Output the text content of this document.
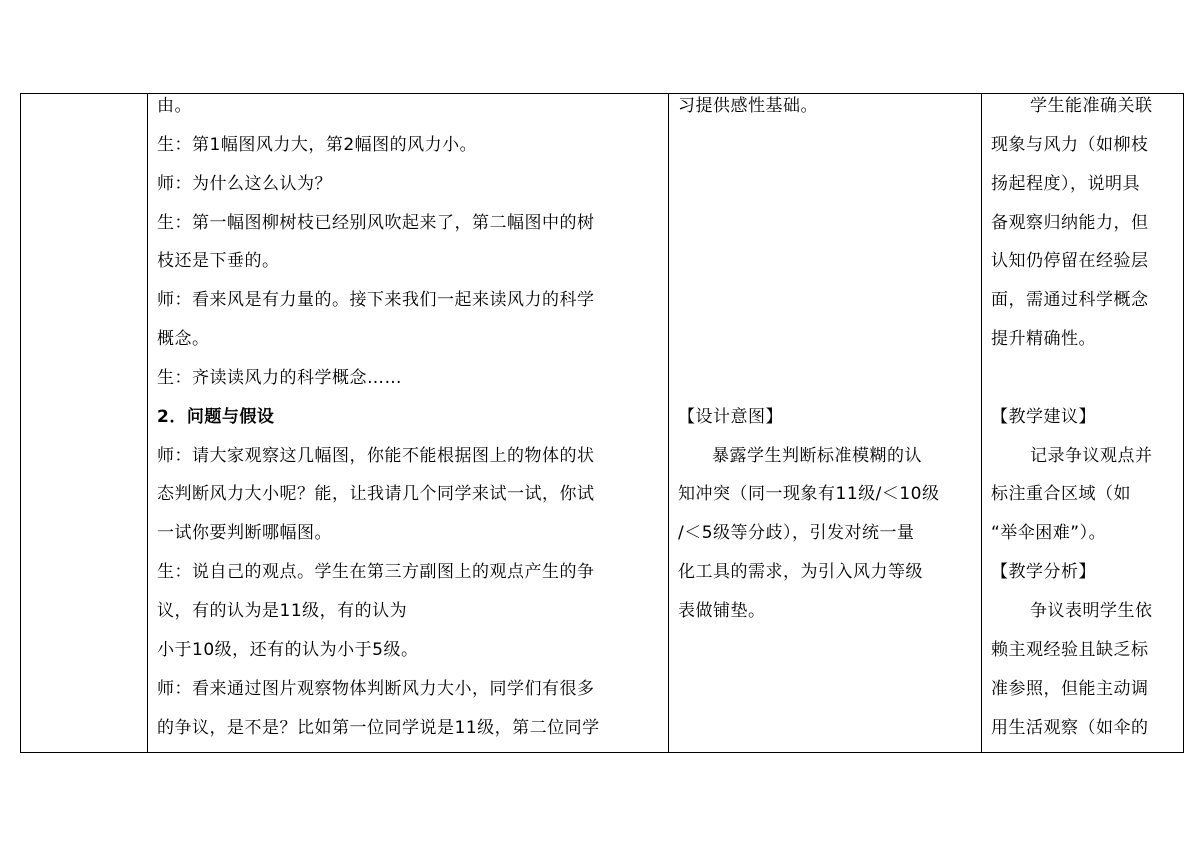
由。
生：第1幅图风力大，第2幅图的风力小。
师：为什么这么认为？
生：第一幅图柳树枝已经别风吹起来了，第二幅图中的树
枝还是下垂的。
师：看来风是有力量的。接下来我们一起来读风力的科学
概念。
生：齐读读风力的科学概念……
2．问题与假设
师：请大家观察这几幅图，你能不能根据图上的物体的状
态判断风力大小呢？能，让我请几个同学来试一试，你试
一试你要判断哪幅图。
生：说自己的观点。学生在第三方副图上的观点产生的争
议，有的认为是11级，有的认为
小于10级，还有的认为小于5级。
师：看来通过图片观察物体判断风力大小，同学们有很多
的争议，是不是？比如第一位同学说是11级，第二位同学
习提供感性基础。
【设计意图】
暴露学生判断标准模糊的认
知冲突（同一现象有11级/＜10级
/＜5级等分歧），引发对统一量
化工具的需求，为引入风力等级
表做铺垫。
学生能准确关联
现象与风力（如柳枝
扬起程度），说明具
备观察归纳能力，但
认知仍停留在经验层
面，需通过科学概念
提升精确性。
【教学建议】
记录争议观点并
标注重合区域（如
“举伞困难”）。
【教学分析】
争议表明学生依
赖主观经验且缺乏标
准参照，但能主动调
用生活观察（如伞的
